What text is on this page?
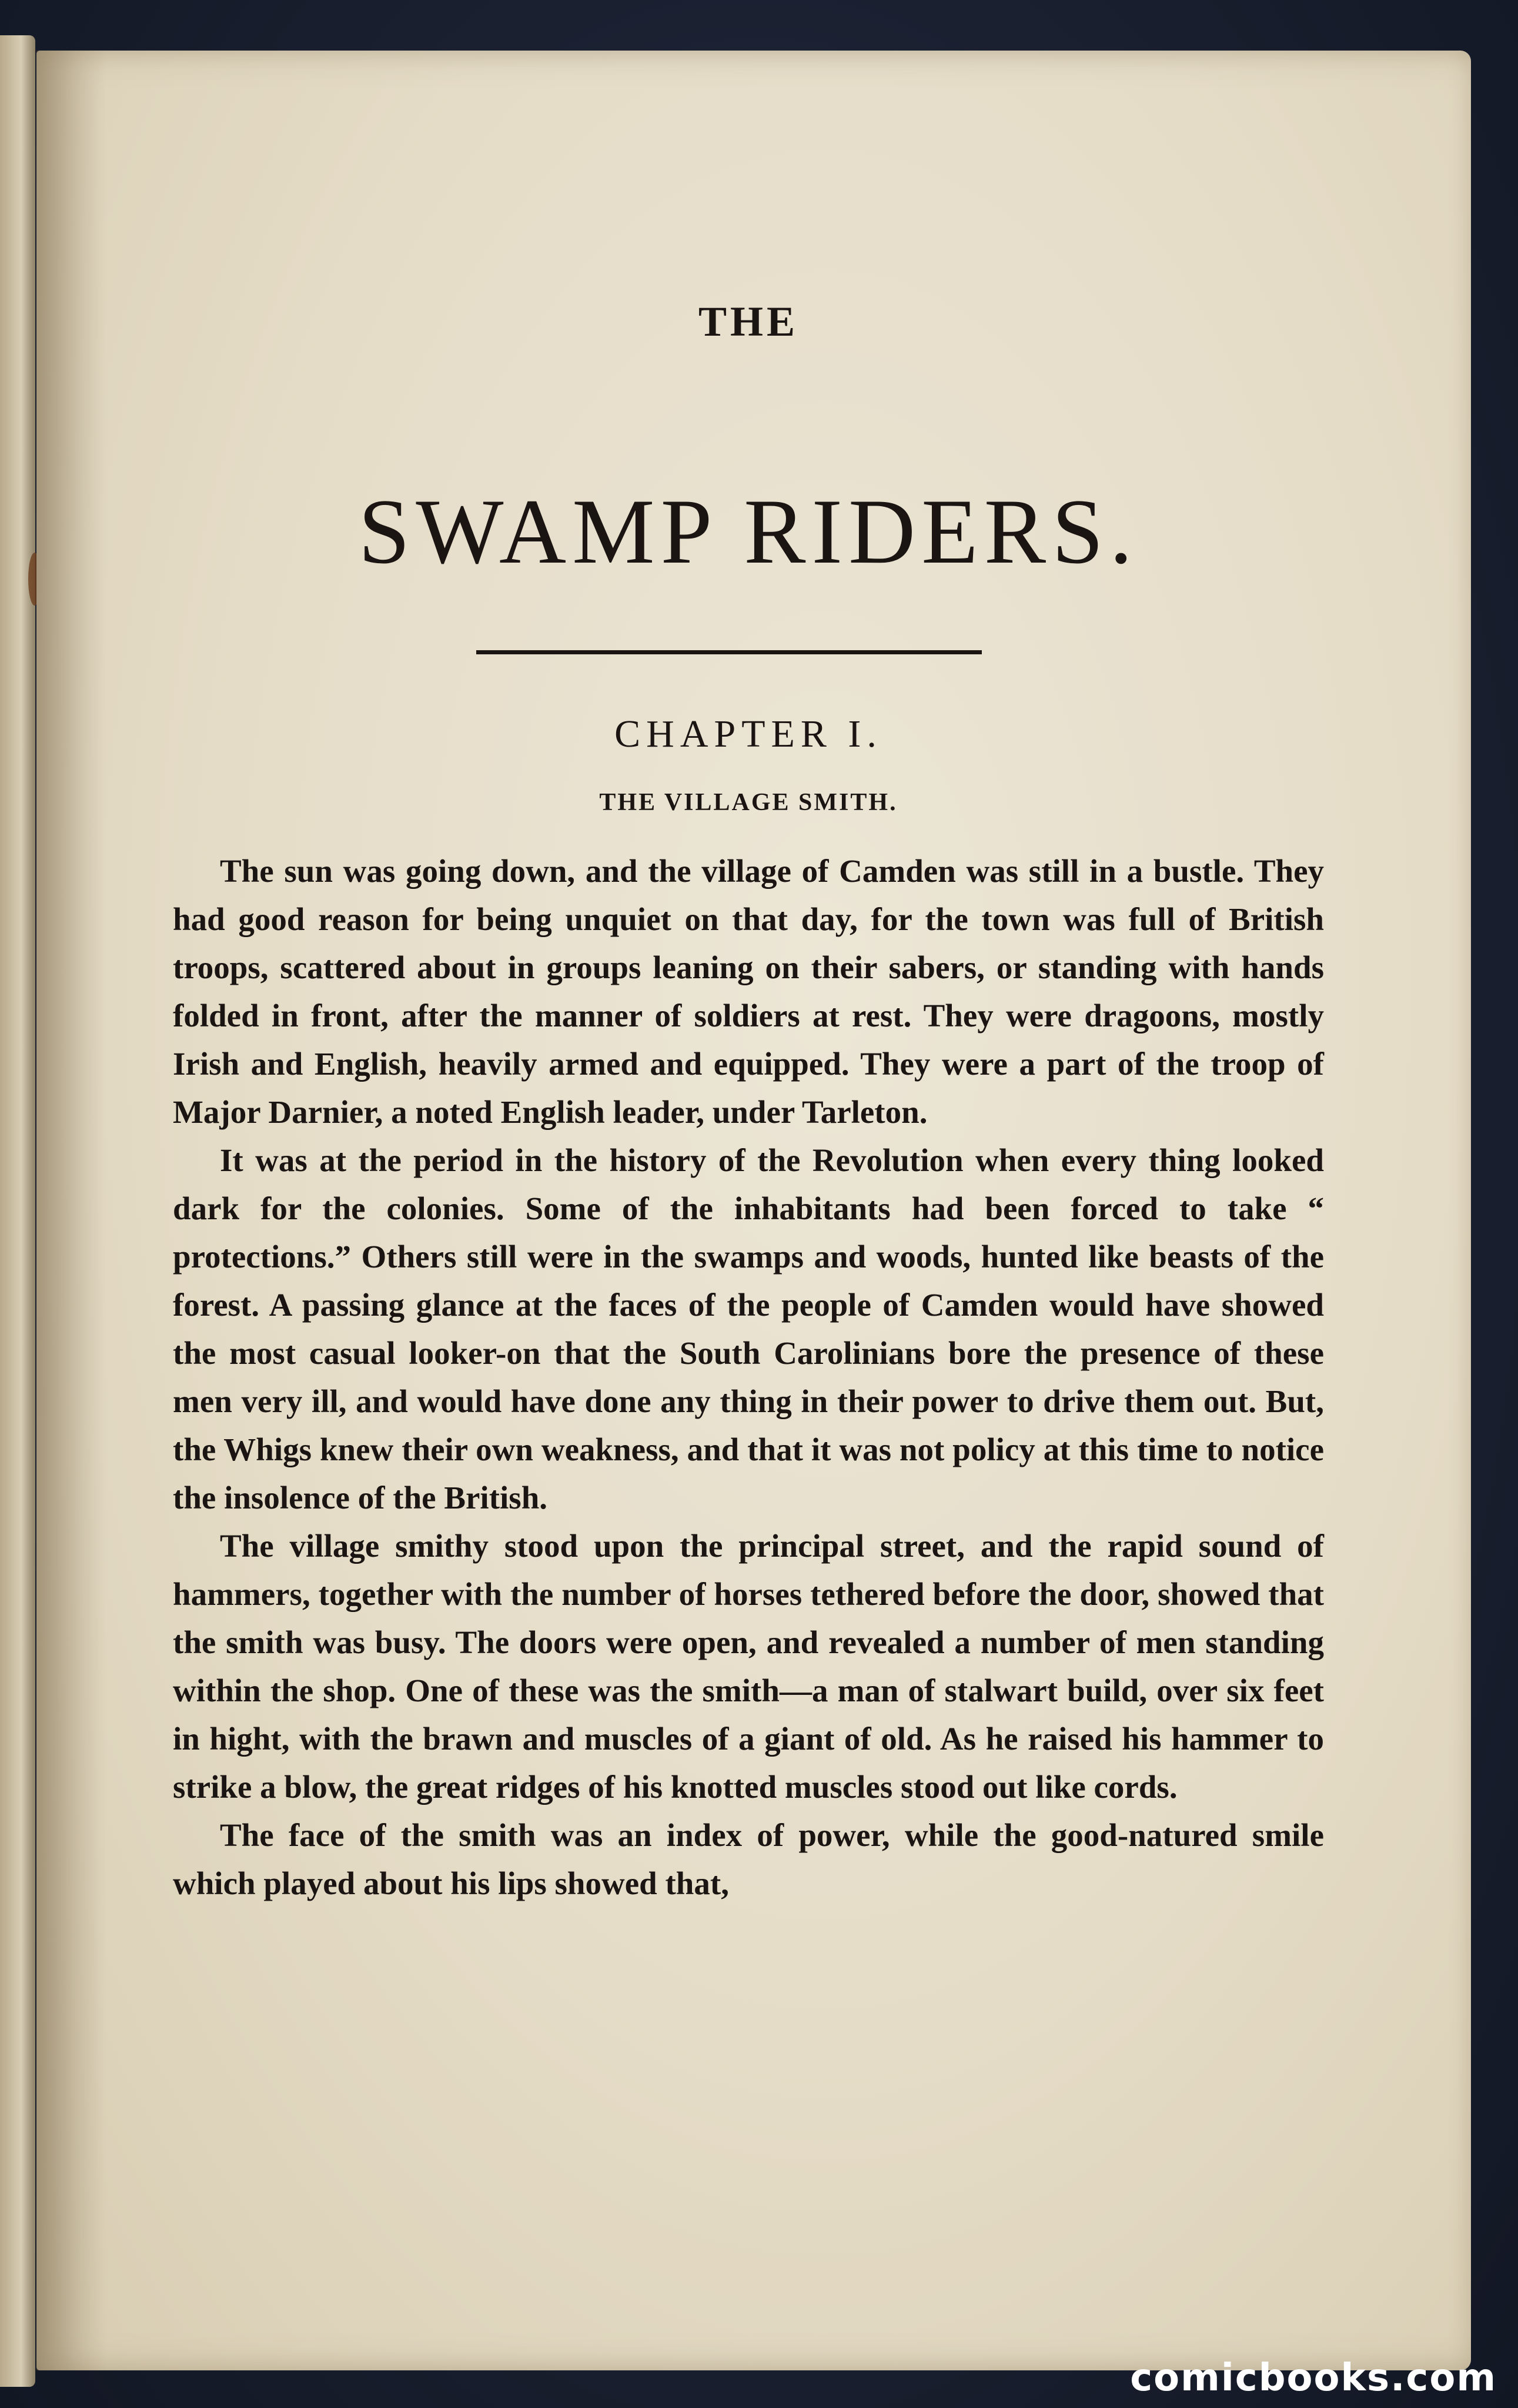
THE
SWAMP RIDERS.
CHAPTER I.
THE VILLAGE SMITH.

The sun was going down, and the village of Camden was still in a bustle. They had good reason for being unquiet on that day, for the town was full of British troops, scattered about in groups leaning on their sabers, or standing with hands folded in front, after the manner of soldiers at rest. They were dragoons, mostly Irish and English, heavily armed and equipped. They were a part of the troop of Major Darnier, a noted English leader, under Tarleton.

It was at the period in the history of the Revolution when every thing looked dark for the colonies. Some of the inhabitants had been forced to take “ protections.” Others still were in the swamps and woods, hunted like beasts of the forest. A passing glance at the faces of the people of Camden would have showed the most casual looker-on that the South Carolinians bore the presence of these men very ill, and would have done any thing in their power to drive them out. But, the Whigs knew their own weakness, and that it was not policy at this time to notice the insolence of the British.

The village smithy stood upon the principal street, and the rapid sound of hammers, together with the number of horses tethered before the door, showed that the smith was busy. The doors were open, and revealed a number of men standing within the shop. One of these was the smith—a man of stalwart build, over six feet in hight, with the brawn and muscles of a giant of old. As he raised his hammer to strike a blow, the great ridges of his knotted muscles stood out like cords.

The face of the smith was an index of power, while the good-natured smile which played about his lips showed that,

comicbooks.com
